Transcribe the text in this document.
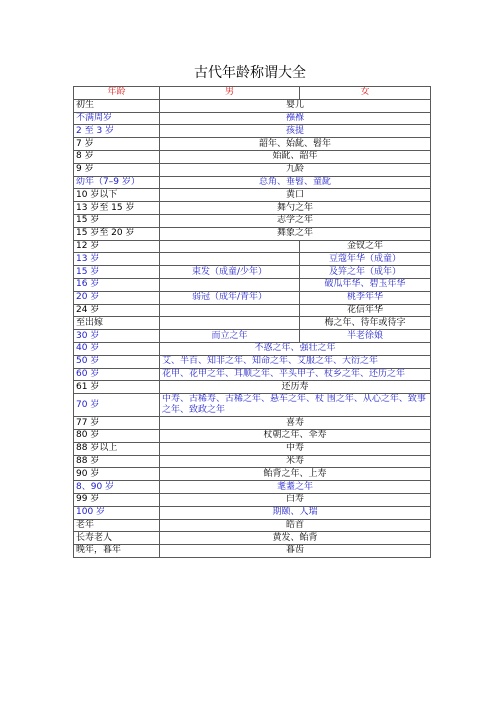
古代年龄称谓大全
年龄	男	女
初生	婴儿	
不满周岁	襁褓	
2 至 3 岁	孩提	
7 岁	韶年、始龀、髫年	
8 岁	始龀、韶年	
9 岁	九龄	
幼年（7–9 岁）	总角、垂髫、童龀	
10 岁以下	黄口	
13 岁至 15 岁	舞勺之年	
15 岁	志学之年	
15 岁至 20 岁	舞象之年	
12 岁		金钗之年
13 岁		豆蔻年华（成童）
15 岁	束发（成童/少年）	及笄之年（成年）
16 岁		破瓜年华、碧玉年华
20 岁	弱冠（成年/青年）	桃李年华
24 岁		花信年华
至出嫁		梅之年、待年或待字
30 岁	而立之年	半老徐娘
40 岁	不惑之年、强壮之年	
50 岁	艾、半百、知非之年、知命之年、艾服之年、大衍之年	
60 岁	花甲、花甲之年、耳顺之年、平头甲子、杖乡之年、还历之年	
61 岁	还历寿	
70 岁	中寿、古稀寿、古稀之年、悬车之年、杖 围之年、从心之年、致事之年、致政之年	
77 岁	喜寿	
80 岁	杖朝之年、伞寿	
88 岁以上	中寿	
88 岁	米寿	
90 岁	鲐背之年、上寿	
8、90 岁	耄耋之年	
99 岁	白寿	
100 岁	期颐、人瑞	
老年	皓首	
长寿老人	黄发、鲐背	
晚年，暮年	暮齿	
